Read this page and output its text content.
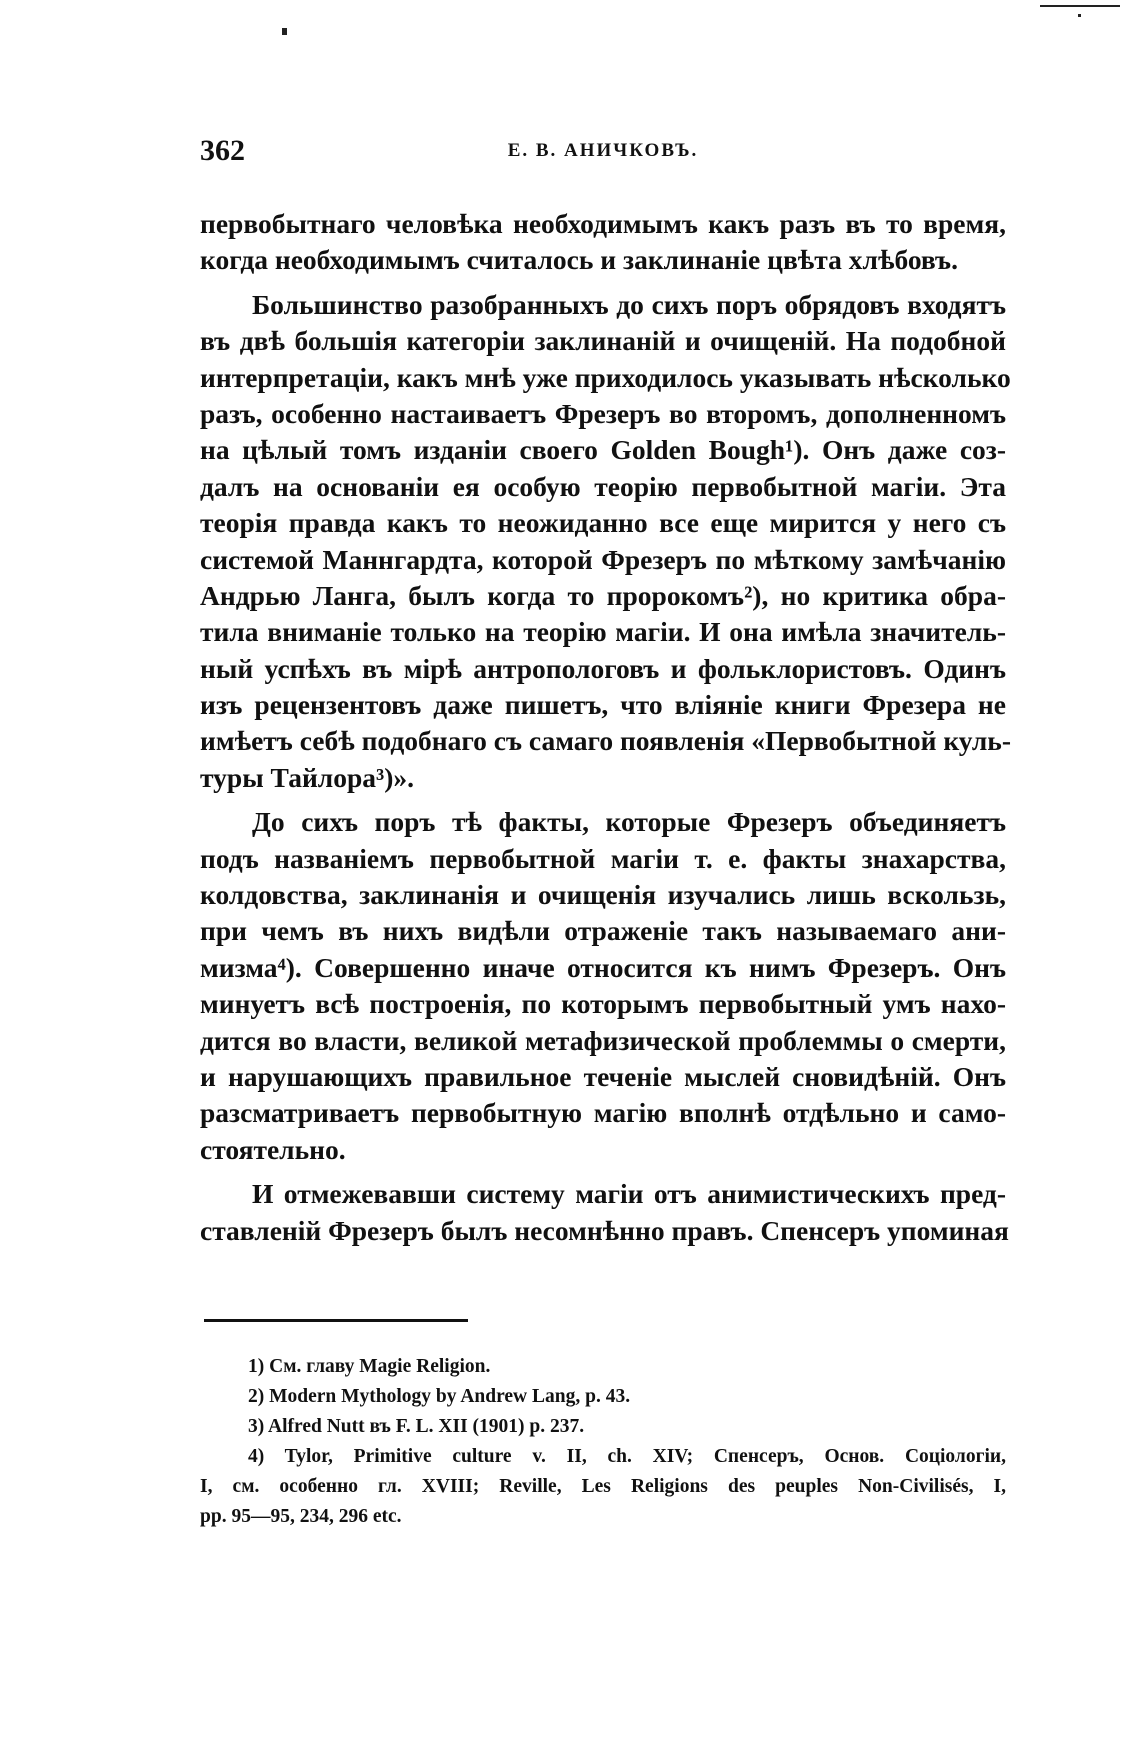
362	Е. В. АНИЧКОВЪ.
первобытнаго человѣка необходимымъ какъ разъ въ то время,
когда необходимымъ считалось и заклинаніе цвѣта хлѣбовъ.
Большинство разобранныхъ до сихъ поръ обрядовъ входятъ
въ двѣ большія категоріи заклинаній и очищеній. На подобной
интерпретаціи, какъ мнѣ уже приходилось указывать нѣсколько
разъ, особенно настаиваетъ Фрезеръ во второмъ, дополненномъ
на цѣлый томъ изданіи своего Golden Bough¹). Онъ даже соз-
далъ на основаніи ея особую теорію первобытной магіи. Эта
теорія правда какъ то неожиданно все еще мирится у него съ
системой Маннгардта, которой Фрезеръ по мѣткому замѣчанію
Андрью Ланга, былъ когда то пророкомъ²), но критика обра-
тила вниманіе только на теорію магіи. И она имѣла значитель-
ный успѣхъ въ мірѣ антропологовъ и фольклористовъ. Одинъ
изъ рецензентовъ даже пишетъ, что вліяніе книги Фрезера не
имѣетъ себѣ подобнаго съ самаго появленія «Первобытной куль-
туры Тайлора³)».
До сихъ поръ тѣ факты, которые Фрезеръ объединяетъ
подъ названіемъ первобытной магіи т. е. факты знахарства,
колдовства, заклинанія и очищенія изучались лишь вскользь,
при чемъ въ нихъ видѣли отраженіе такъ называемаго ани-
мизма⁴). Совершенно иначе относится къ нимъ Фрезеръ. Онъ
минуетъ всѣ построенія, по которымъ первобытный умъ нахо-
дится во власти, великой метафизической проблеммы о смерти,
и нарушающихъ правильное теченіе мыслей сновидѣній. Онъ
разсматриваетъ первобытную магію вполнѣ отдѣльно и само-
стоятельно.
И отмежевавши систему магіи отъ анимистическихъ пред-
ставленій Фрезеръ былъ несомнѣнно правъ. Спенсеръ упоминая
1) См. главу Magie Religion.
2) Modern Mythology by Andrew Lang, p. 43.
3) Alfred Nutt въ F. L. XII (1901) p. 237.
4) Tylor, Primitive culture v. II, ch. XIV; Спенсеръ, Основ. Соціологіи,
I, см. особенно гл. XVIII; Reville, Les Religions des peuples Non-Civilisés, I,
pp. 95—95, 234, 296 etc.
